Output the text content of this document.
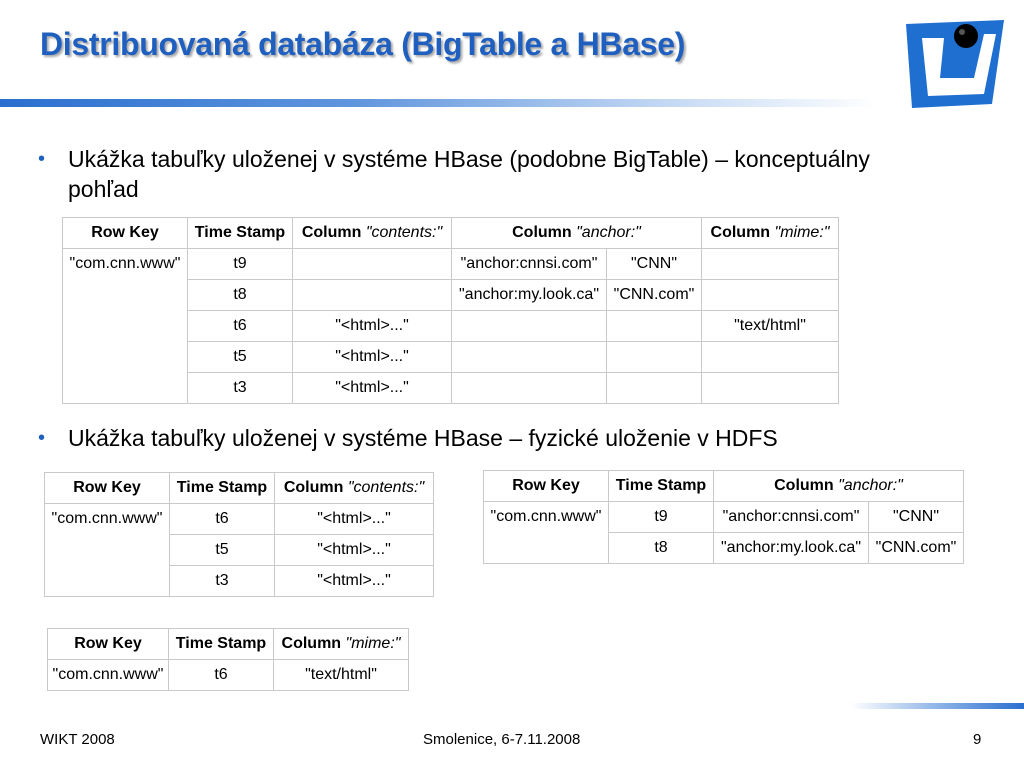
Distribuovaná databáza (BigTable a HBase)
• Ukážka tabuľky uloženej v systéme HBase (podobne BigTable) – konceptuálny pohľad
Row Key	Time Stamp	Column "contents:"	Column "anchor:"		Column "mime:"
"com.cnn.www"	t9		"anchor:cnnsi.com"	"CNN"	
	t8		"anchor:my.look.ca"	"CNN.com"	
	t6	"<html>..."			"text/html"
	t5	"<html>..."			
	t3	"<html>..."			
• Ukážka tabuľky uloženej v systéme HBase – fyzické uloženie v HDFS
Row Key	Time Stamp	Column "contents:"
"com.cnn.www"	t6	"<html>..."
	t5	"<html>..."
	t3	"<html>..."
Row Key	Time Stamp	Column "anchor:"	
"com.cnn.www"	t9	"anchor:cnnsi.com"	"CNN"
	t8	"anchor:my.look.ca"	"CNN.com"
Row Key	Time Stamp	Column "mime:"
"com.cnn.www"	t6	"text/html"
WIKT 2008	Smolenice, 6-7.11.2008	9
